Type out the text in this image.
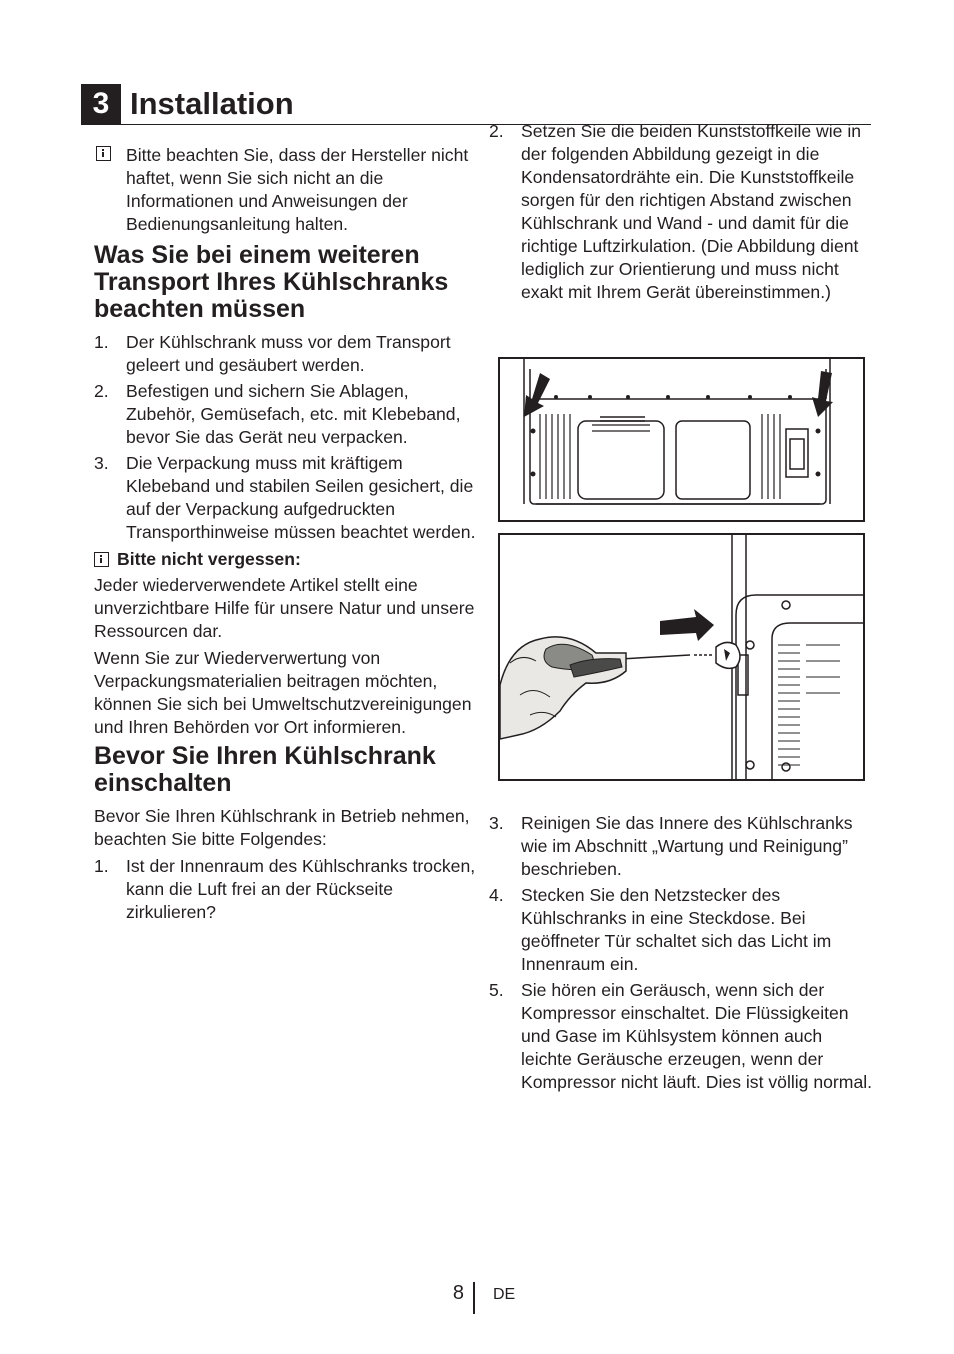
3 Installation
Bitte beachten Sie, dass der Hersteller nicht haftet, wenn Sie sich nicht an die Informationen und Anweisungen der Bedienungsanleitung halten.
Was Sie bei einem weiteren Transport Ihres Kühlschranks beachten müssen
1. Der Kühlschrank muss vor dem Transport geleert und gesäubert werden.
2. Befestigen und sichern Sie Ablagen, Zubehör, Gemüsefach, etc. mit Klebeband, bevor Sie das Gerät neu verpacken.
3. Die Verpackung muss mit kräftigem Klebeband und stabilen Seilen gesichert, die auf der Verpackung aufgedruckten Transporthinweise müssen beachtet werden.

Bitte nicht vergessen:

Jeder wiederverwendete Artikel stellt eine unverzichtbare Hilfe für unsere Natur und unsere Ressourcen dar.

Wenn Sie zur Wiederverwertung von Verpackungsmaterialien beitragen möchten, können Sie sich bei Umweltschutzvereinigungen und Ihren Behörden vor Ort informieren.

Bevor Sie Ihren Kühlschrank einschalten

Bevor Sie Ihren Kühlschrank in Betrieb nehmen, beachten Sie bitte Folgendes:

1. Ist der Innenraum des Kühlschranks trocken, kann die Luft frei an der Rückseite zirkulieren?
2. Setzen Sie die beiden Kunststoffkeile wie in der folgenden Abbildung gezeigt in die Kondensatordrähte ein. Die Kunststoffkeile sorgen für den richtigen Abstand zwischen Kühlschrank und Wand - und damit für die richtige Luftzirkulation. (Die Abbildung dient lediglich zur Orientierung und muss nicht exakt mit Ihrem Gerät übereinstimmen.)
3. Reinigen Sie das Innere des Kühlschranks wie im Abschnitt „Wartung und Reinigung” beschrieben.
4. Stecken Sie den Netzstecker des Kühlschranks in eine Steckdose. Bei geöffneter Tür schaltet sich das Licht im Innenraum ein.
5. Sie hören ein Geräusch, wenn sich der Kompressor einschaltet. Die Flüssigkeiten und Gase im Kühlsystem können auch leichte Geräusche erzeugen, wenn der Kompressor nicht läuft. Dies ist völlig normal.
8 DE
